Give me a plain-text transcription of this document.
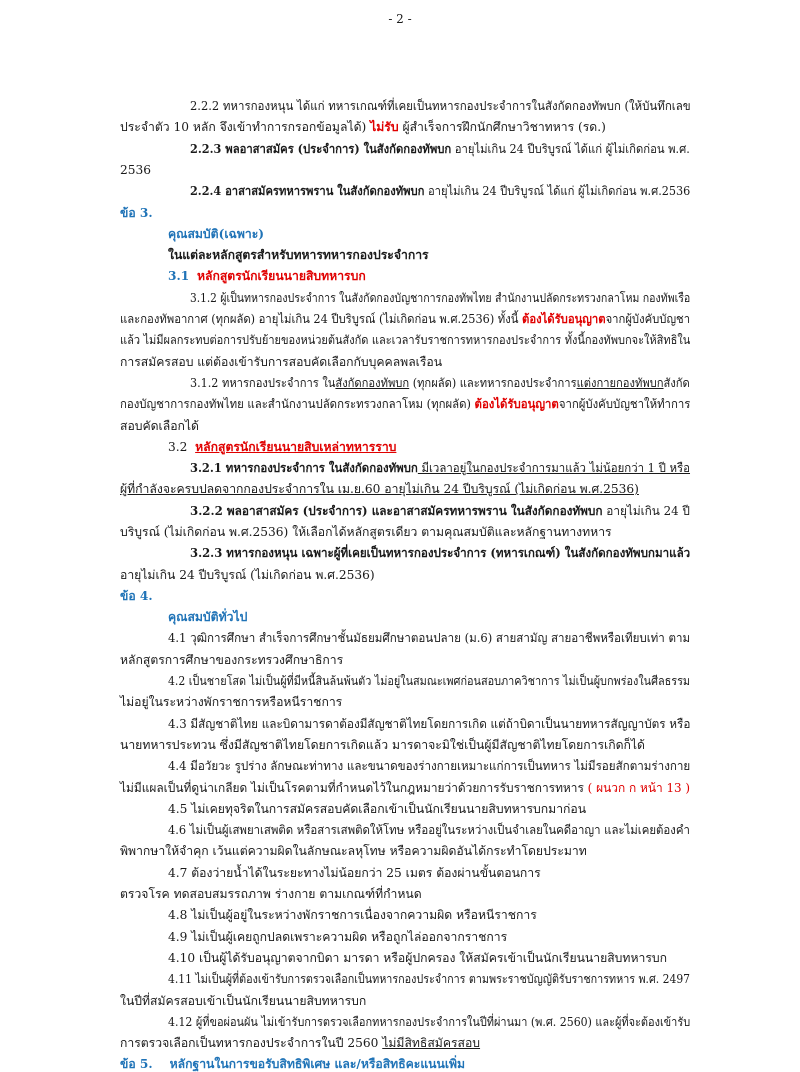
- 2 -
2.2.2 ทหารกองหนุน ได้แก่ ทหารเกณฑ์ที่เคยเป็นทหารกองประจำการในสังกัดกองทัพบก (ให้บันทึกเลข
ประจำตัว 10 หลัก จึงเข้าทำการกรอกข้อมูลได้) ไม่รับ ผู้สำเร็จการฝึกนักศึกษาวิชาทหาร (รด.)
2.2.3 พลอาสาสมัคร (ประจำการ) ในสังกัดกองทัพบก อายุไม่เกิน 24 ปีบริบูรณ์ ได้แก่ ผู้ไม่เกิดก่อน พ.ศ.
2536
2.2.4 อาสาสมัครทหารพราน ในสังกัดกองทัพบก อายุไม่เกิน 24 ปีบริบูรณ์ ได้แก่ ผู้ไม่เกิดก่อน พ.ศ.2536
ข้อ 3.
คุณสมบัติ(เฉพาะ)
ในแต่ละหลักสูตรสำหรับทหารทหารกองประจำการ
3.1 หลักสูตรนักเรียนนายสิบทหารบก
3.1.2 ผู้เป็นทหารกองประจำการ ในสังกัดกองบัญชาการกองทัพไทย สำนักงานปลัดกระทรวงกลาโหม กองทัพเรือ
และกองทัพอากาศ (ทุกผลัด) อายุไม่เกิน 24 ปีบริบูรณ์ (ไม่เกิดก่อน พ.ศ.2536) ทั้งนี้ ต้องได้รับอนุญาตจากผู้บังคับบัญชา
แล้ว ไม่มีผลกระทบต่อการปรับย้ายของหน่วยต้นสังกัด และเวลารับราชการทหารกองประจำการ ทั้งนี้กองทัพบกจะให้สิทธิใน
การสมัครสอบ แต่ต้องเข้ารับการสอบคัดเลือกกับบุคคลพลเรือน
3.1.2 ทหารกองประจำการ ในสังกัดกองทัพบก (ทุกผลัด) และทหารกองประจำการแต่งกายกองทัพบกสังกัด
กองบัญชาการกองทัพไทย และสำนักงานปลัดกระทรวงกลาโหม (ทุกผลัด) ต้องได้รับอนุญาตจากผู้บังคับบัญชาให้ทำการ
สอบคัดเลือกได้
3.2 หลักสูตรนักเรียนนายสิบเหล่าทหารราบ
3.2.1 ทหารกองประจำการ ในสังกัดกองทัพบก มีเวลาอยู่ในกองประจำการมาแล้ว ไม่น้อยกว่า 1 ปี หรือ
ผู้ที่กำลังจะครบปลดจากกองประจำการใน เม.ย.60 อายุไม่เกิน 24 ปีบริบูรณ์ (ไม่เกิดก่อน พ.ศ.2536)
3.2.2 พลอาสาสมัคร (ประจำการ) และอาสาสมัครทหารพราน ในสังกัดกองทัพบก อายุไม่เกิน 24 ปี
บริบูรณ์ (ไม่เกิดก่อน พ.ศ.2536) ให้เลือกได้หลักสูตรเดียว ตามคุณสมบัติและหลักฐานทางทหาร
3.2.3 ทหารกองหนุน เฉพาะผู้ที่เคยเป็นทหารกองประจำการ (ทหารเกณฑ์) ในสังกัดกองทัพบกมาแล้ว
อายุไม่เกิน 24 ปีบริบูรณ์ (ไม่เกิดก่อน พ.ศ.2536)
ข้อ 4.
คุณสมบัติทั่วไป
4.1 วุฒิการศึกษา สำเร็จการศึกษาชั้นมัธยมศึกษาตอนปลาย (ม.6) สายสามัญ สายอาชีพหรือเทียบเท่า ตาม
หลักสูตรการศึกษาของกระทรวงศึกษาธิการ
4.2 เป็นชายโสด ไม่เป็นผู้ที่มีหนี้สินล้นพ้นตัว ไม่อยู่ในสมณะเพศก่อนสอบภาควิชาการ ไม่เป็นผู้บกพร่องในศีลธรรม
ไม่อยู่ในระหว่างพักราชการหรือหนีราชการ
4.3 มีสัญชาติไทย และบิดามารดาต้องมีสัญชาติไทยโดยการเกิด แต่ถ้าบิดาเป็นนายทหารสัญญาบัตร หรือ
นายทหารประทวน ซึ่งมีสัญชาติไทยโดยการเกิดแล้ว มารดาจะมิใช่เป็นผู้มีสัญชาติไทยโดยการเกิดก็ได้
4.4 มีอวัยวะ รูปร่าง ลักษณะท่าทาง และขนาดของร่างกายเหมาะแก่การเป็นทหาร ไม่มีรอยสักตามร่างกาย
ไม่มีแผลเป็นที่ดูน่าเกลียด ไม่เป็นโรคตามที่กำหนดไว้ในกฎหมายว่าด้วยการรับราชการทหาร ( ผนวก ก หน้า 13 )
4.5 ไม่เคยทุจริตในการสมัครสอบคัดเลือกเข้าเป็นนักเรียนนายสิบทหารบกมาก่อน
4.6 ไม่เป็นผู้เสพยาเสพติด หรือสารเสพติดให้โทษ หรืออยู่ในระหว่างเป็นจำเลยในคดีอาญา และไม่เคยต้องคำ
พิพากษาให้จำคุก เว้นแต่ความผิดในลักษณะลหุโทษ หรือความผิดอันได้กระทำโดยประมาท
4.7 ต้องว่ายน้ำได้ในระยะทางไม่น้อยกว่า 25 เมตร ต้องผ่านขั้นตอนการ
ตรวจโรค ทดสอบสมรรถภาพ ร่างกาย ตามเกณฑ์ที่กำหนด
4.8 ไม่เป็นผู้อยู่ในระหว่างพักราชการเนื่องจากความผิด หรือหนีราชการ
4.9 ไม่เป็นผู้เคยถูกปลดเพราะความผิด หรือถูกไล่ออกจากราชการ
4.10 เป็นผู้ได้รับอนุญาตจากบิดา มารดา หรือผู้ปกครอง ให้สมัครเข้าเป็นนักเรียนนายสิบทหารบก
4.11 ไม่เป็นผู้ที่ต้องเข้ารับการตรวจเลือกเป็นทหารกองประจำการ ตามพระราชบัญญัติรับราชการทหาร พ.ศ. 2497
ในปีที่สมัครสอบเข้าเป็นนักเรียนนายสิบทหารบก
4.12 ผู้ที่ขอผ่อนผัน ไม่เข้ารับการตรวจเลือกทหารกองประจำการในปีที่ผ่านมา (พ.ศ. 2560) และผู้ที่จะต้องเข้ารับ
การตรวจเลือกเป็นทหารกองประจำการในปี 2560 ไม่มีสิทธิสมัครสอบ
ข้อ 5. หลักฐานในการขอรับสิทธิพิเศษ และ/หรือสิทธิคะแนนเพิ่ม
